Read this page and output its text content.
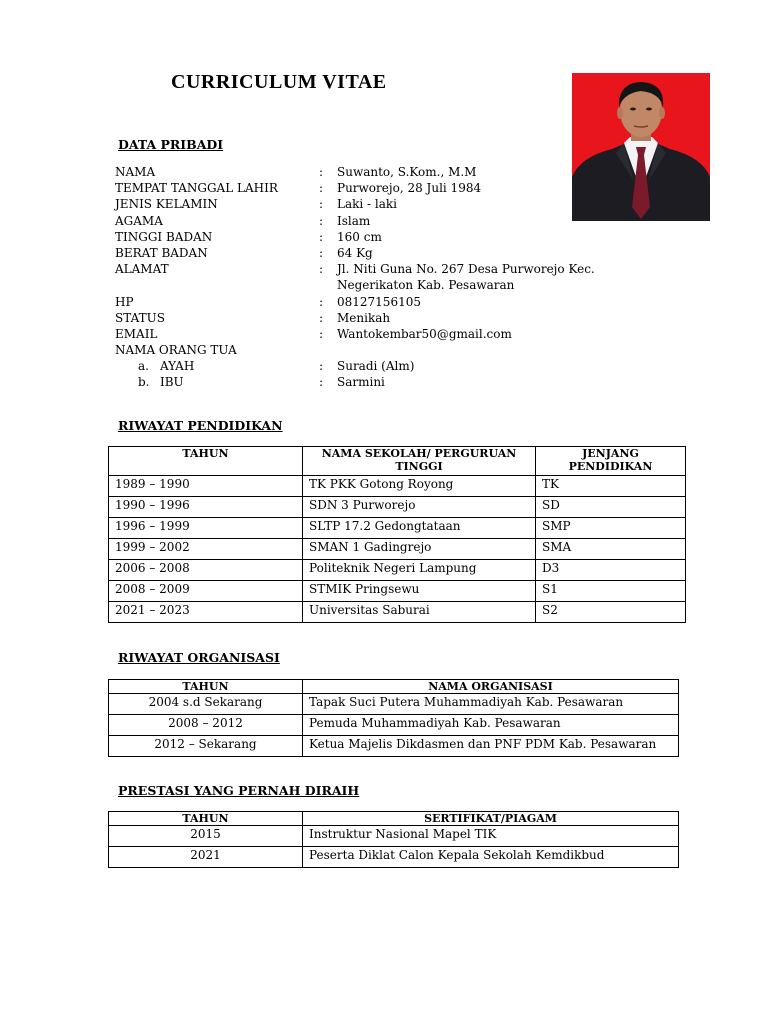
CURRICULUM VITAE
DATA PRIBADI
NAMA	: Suwanto, S.Kom., M.M
TEMPAT TANGGAL LAHIR	: Purworejo, 28 Juli 1984
JENIS KELAMIN	: Laki - laki
AGAMA	: Islam
TINGGI BADAN	: 160 cm
BERAT BADAN	: 64 Kg
ALAMAT	: Jl. Niti Guna No. 267 Desa Purworejo Kec. Negerikaton Kab. Pesawaran
HP	: 08127156105
STATUS	: Menikah
EMAIL	: Wantokembar50@gmail.com
NAMA ORANG TUA
a. AYAH	: Suradi (Alm)
b. IBU	: Sarmini
RIWAYAT PENDIDIKAN
TAHUN	NAMA SEKOLAH/ PERGURUAN TINGGI	JENJANG PENDIDIKAN
1989 – 1990	TK PKK Gotong Royong	TK
1990 – 1996	SDN 3 Purworejo	SD
1996 – 1999	SLTP 17.2 Gedongtataan	SMP
1999 – 2002	SMAN 1 Gadingrejo	SMA
2006 – 2008	Politeknik Negeri Lampung	D3
2008 – 2009	STMIK Pringsewu	S1
2021 – 2023	Universitas Saburai	S2
RIWAYAT ORGANISASI
TAHUN	NAMA ORGANISASI
2004 s.d Sekarang	Tapak Suci Putera Muhammadiyah Kab. Pesawaran
2008 – 2012	Pemuda Muhammadiyah Kab. Pesawaran
2012 – Sekarang	Ketua Majelis Dikdasmen dan PNF PDM Kab. Pesawaran
PRESTASI YANG PERNAH DIRAIH
TAHUN	SERTIFIKAT/PIAGAM
2015	Instruktur Nasional Mapel TIK
2021	Peserta Diklat Calon Kepala Sekolah Kemdikbud
